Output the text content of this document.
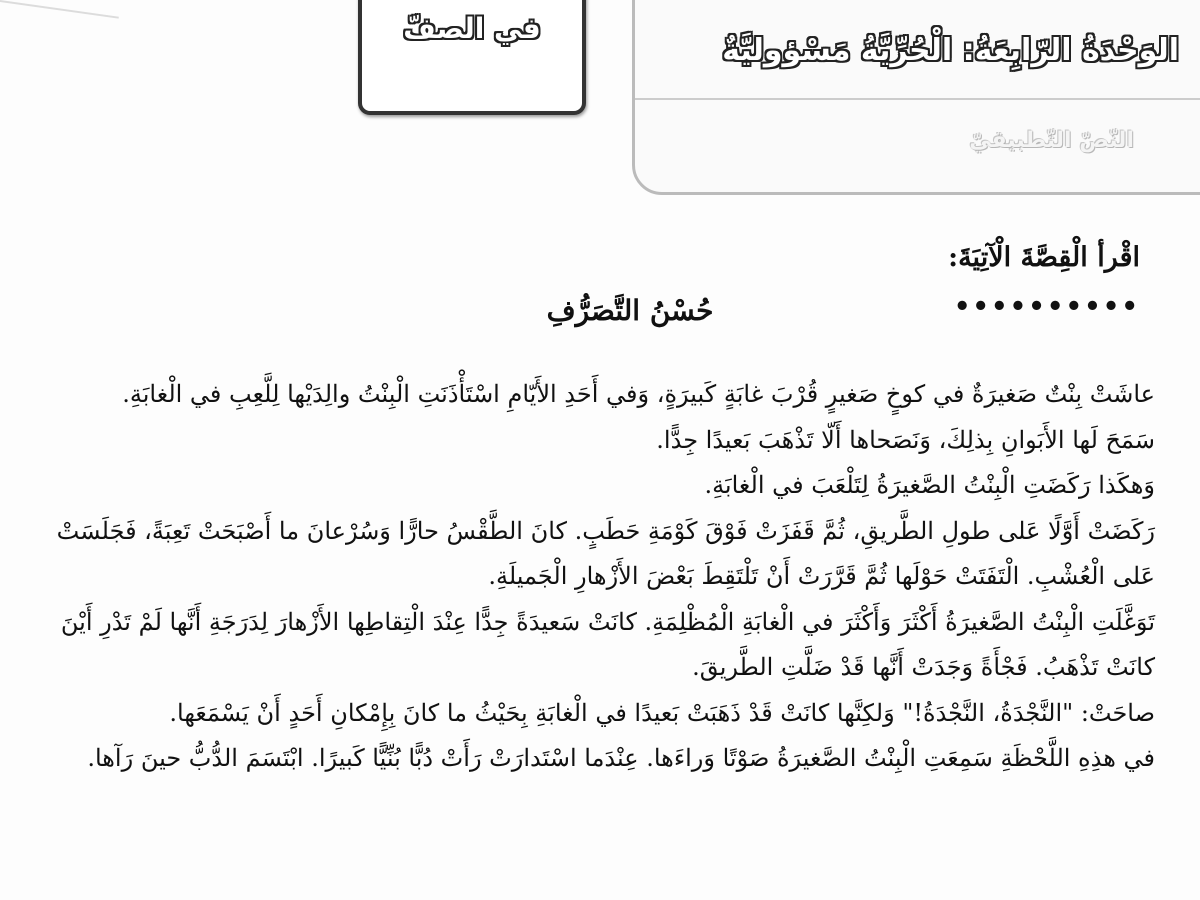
في الصفّ
الوَحْدَةُ الرّابِعَةُ: الْحُرِّيَّةُ مَسْؤوليَّةٌ
النّصّ التّطبيقيّ
اقْرأ الْقِصَّةَ الْآتِيَةَ:
••••••••••
حُسْنُ التَّصَرُّفِ

عاشَتْ بِنْتٌ صَغيرَةٌ في كوخٍ صَغيرٍ قُرْبَ غابَةٍ كَبيرَةٍ، وَفي أَحَدِ الأَيّامِ اسْتَأْذَنَتِ الْبِنْتُ والِدَيْها لِلَّعِبِ في الْغابَةِ.

سَمَحَ لَها الأَبَوانِ بِذلِكَ، وَنَصَحاها أَلّا تَذْهَبَ بَعيدًا جِدًّا.

وَهكَذا رَكَضَتِ الْبِنْتُ الصَّغيرَةُ لِتَلْعَبَ في الْغابَةِ.

رَكَضَتْ أَوَّلًا عَلى طولِ الطَّريقِ، ثُمَّ قَفَزَتْ فَوْقَ كَوْمَةِ حَطَبٍ. كانَ الطَّقْسُ حارًّا وَسُرْعانَ ما أَصْبَحَتْ تَعِبَةً، فَجَلَسَتْ عَلى الْعُشْبِ. الْتَفَتَتْ حَوْلَها ثُمَّ قَرَّرَتْ أَنْ تَلْتَقِطَ بَعْضَ الأَزْهارِ الْجَميلَةِ.

تَوَغَّلَتِ الْبِنْتُ الصَّغيرَةُ أَكْثَرَ وَأَكْثَرَ في الْغابَةِ الْمُظْلِمَةِ. كانَتْ سَعيدَةً جِدًّا عِنْدَ الْتِقاطِها الأَزْهارَ لِدَرَجَةِ أَنَّها لَمْ تَدْرِ أَيْنَ كانَتْ تَذْهَبُ. فَجْأَةً وَجَدَتْ أَنَّها قَدْ ضَلَّتِ الطَّريقَ.

صاحَتْ: "النَّجْدَةُ، النَّجْدَةُ!" وَلكِنَّها كانَتْ قَدْ ذَهَبَتْ بَعيدًا في الْغابَةِ بِحَيْثُ ما كانَ بِإِمْكانِ أَحَدٍ أَنْ يَسْمَعَها.

في هذِهِ اللَّحْظَةِ سَمِعَتِ الْبِنْتُ الصَّغيرَةُ صَوْتًا وَراءَها. عِنْدَما اسْتَدارَتْ رَأَتْ دُبًّا بُنِّيًّا كَبيرًا. ابْتَسَمَ الدُّبُّ حينَ رَآها.
